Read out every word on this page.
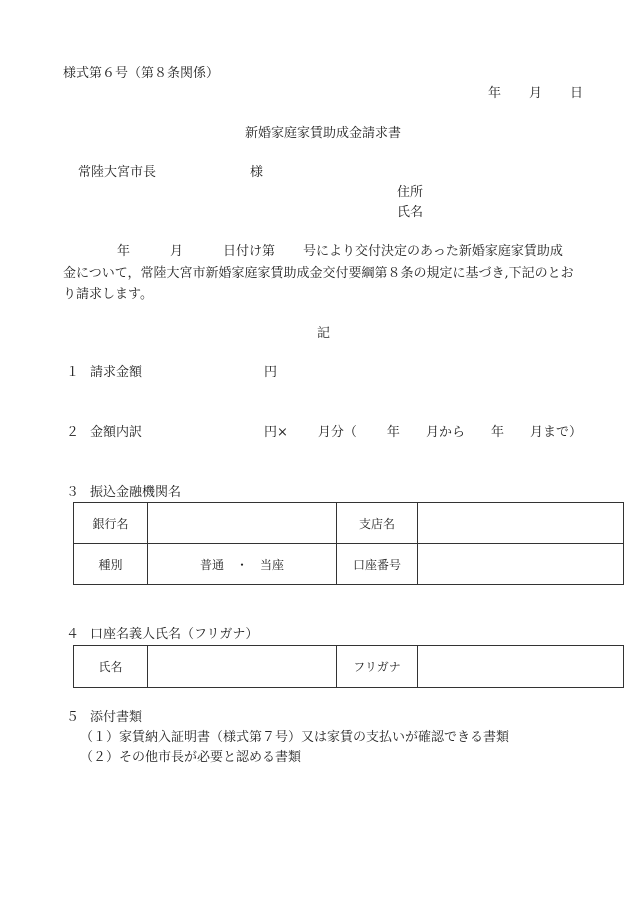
様式第６号（第８条関係）
年 月 日
新婚家庭家賃助成金請求書
常陸大宮市長	様
住所
氏名
年	月	日付け第 号により交付決定のあった新婚家庭家賃助成
金について，常陸大宮市新婚家庭家賃助成金交付要綱第８条の規定に基づき,下記のとお
り請求します。
記
１ 請求金額	円
２ 金額内訳	円× 月分（ 年 月から 年 月まで）
３ 振込金融機関名
銀行名		支店名	
種別	普通　・　当座	口座番号	
４ 口座名義人氏名（フリガナ）
氏名		フリガナ	
５ 添付書類
（１）家賃納入証明書（様式第７号）又は家賃の支払いが確認できる書類
（２）その他市長が必要と認める書類
